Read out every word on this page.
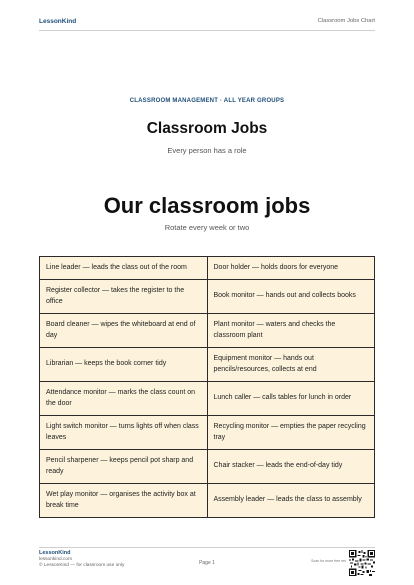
LessonKind	Classroom Jobs Chart
CLASSROOM MANAGEMENT · ALL YEAR GROUPS
Classroom Jobs
Every person has a role
Our classroom jobs
Rotate every week or two
Line leader — leads the class out of the room	Door holder — holds doors for everyone
Register collector — takes the register to the office	Book monitor — hands out and collects books
Board cleaner — wipes the whiteboard at end of day	Plant monitor — waters and checks the classroom plant
Librarian — keeps the book corner tidy	Equipment monitor — hands out pencils/resources, collects at end
Attendance monitor — marks the class count on the door	Lunch caller — calls tables for lunch in order
Light switch monitor — turns lights off when class leaves	Recycling monitor — empties the paper recycling tray
Pencil sharpener — keeps pencil pot sharp and ready	Chair stacker — leads the end-of-day tidy
Wet play monitor — organises the activity box at break time	Assembly leader — leads the class to assembly
LessonKind
lessonkind.com
© LessonKind — for classroom use only	Page 1	Scan for more free res
